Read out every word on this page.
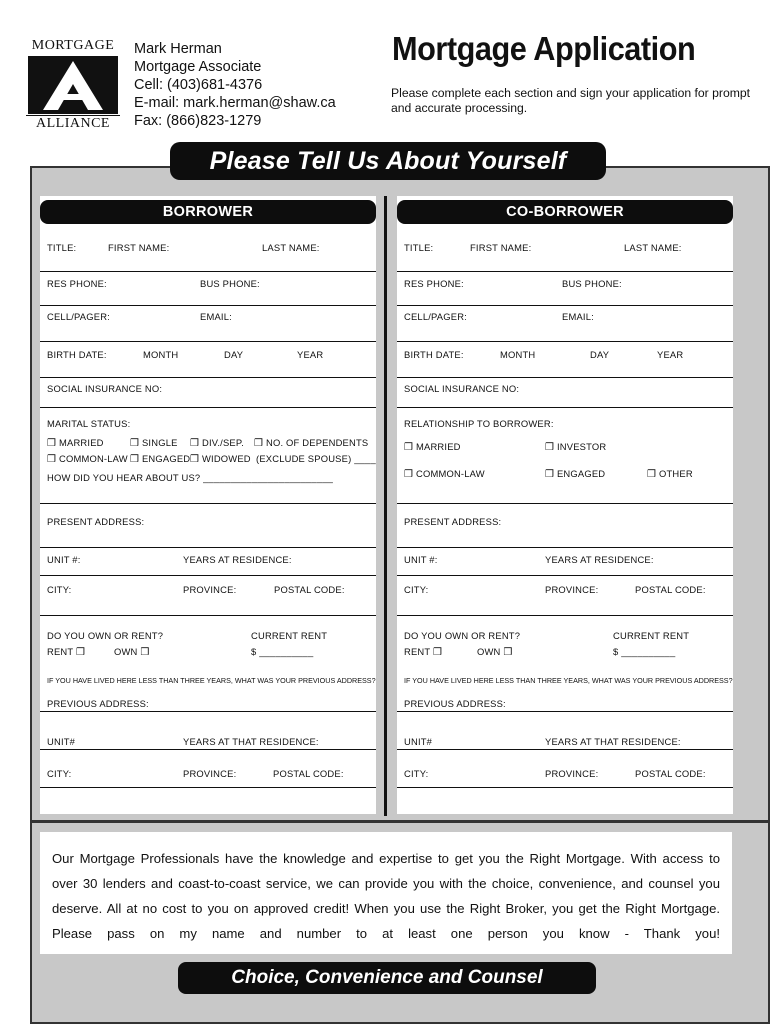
MORTGAGE
ALLIANCE
Mark Herman
Mortgage Associate
Cell: (403)681-4376
E-mail: mark.herman@shaw.ca
Fax: (866)823-1279
Mortgage Application
Please complete each section and sign your application for prompt and accurate processing.
Please Tell Us About Yourself
BORROWER
TITLE:	FIRST NAME:	LAST NAME:
RES PHONE:	BUS PHONE:
CELL/PAGER:	EMAIL:
BIRTH DATE:	MONTH	DAY	YEAR
SOCIAL INSURANCE NO:
MARITAL STATUS:
❒ MARRIED	❒ SINGLE ❒ DIV./SEP. ❒ NO. OF DEPENDENTS
❒ COMMON-LAW ❒ ENGAGED ❒ WIDOWED (EXCLUDE SPOUSE) ____
HOW DID YOU HEAR ABOUT US? ________________________
PRESENT ADDRESS:
UNIT #:	YEARS AT RESIDENCE:
CITY:	PROVINCE:	POSTAL CODE:
DO YOU OWN OR RENT?	CURRENT RENT
RENT ❒	OWN ❒	$ __________
IF YOU HAVE LIVED HERE LESS THAN THREE YEARS, WHAT WAS YOUR PREVIOUS ADDRESS?
PREVIOUS ADDRESS:
UNIT#	YEARS AT THAT RESIDENCE:
CITY:	PROVINCE:	POSTAL CODE:
CO-BORROWER
TITLE:	FIRST NAME:	LAST NAME:
RES PHONE:	BUS PHONE:
CELL/PAGER:	EMAIL:
BIRTH DATE:	MONTH	DAY	YEAR
SOCIAL INSURANCE NO:
RELATIONSHIP TO BORROWER:
❒ MARRIED	❒ INVESTOR
❒ COMMON-LAW	❒ ENGAGED	❒ OTHER
PRESENT ADDRESS:
UNIT #:	YEARS AT RESIDENCE:
CITY:	PROVINCE:	POSTAL CODE:
DO YOU OWN OR RENT?	CURRENT RENT
RENT ❒	OWN ❒	$ __________
IF YOU HAVE LIVED HERE LESS THAN THREE YEARS, WHAT WAS YOUR PREVIOUS ADDRESS?
PREVIOUS ADDRESS:
UNIT#	YEARS AT THAT RESIDENCE:
CITY:	PROVINCE:	POSTAL CODE:
Our Mortgage Professionals have the knowledge and expertise to get you the Right Mortgage. With access to
over 30 lenders and coast-to-coast service, we can provide you with the choice, convenience, and counsel you
deserve. All at no cost to you on approved credit! When you use the Right Broker, you get the Right Mortgage.
Please pass on my name and number to at least one person you know - Thank you!
Choice, Convenience and Counsel
